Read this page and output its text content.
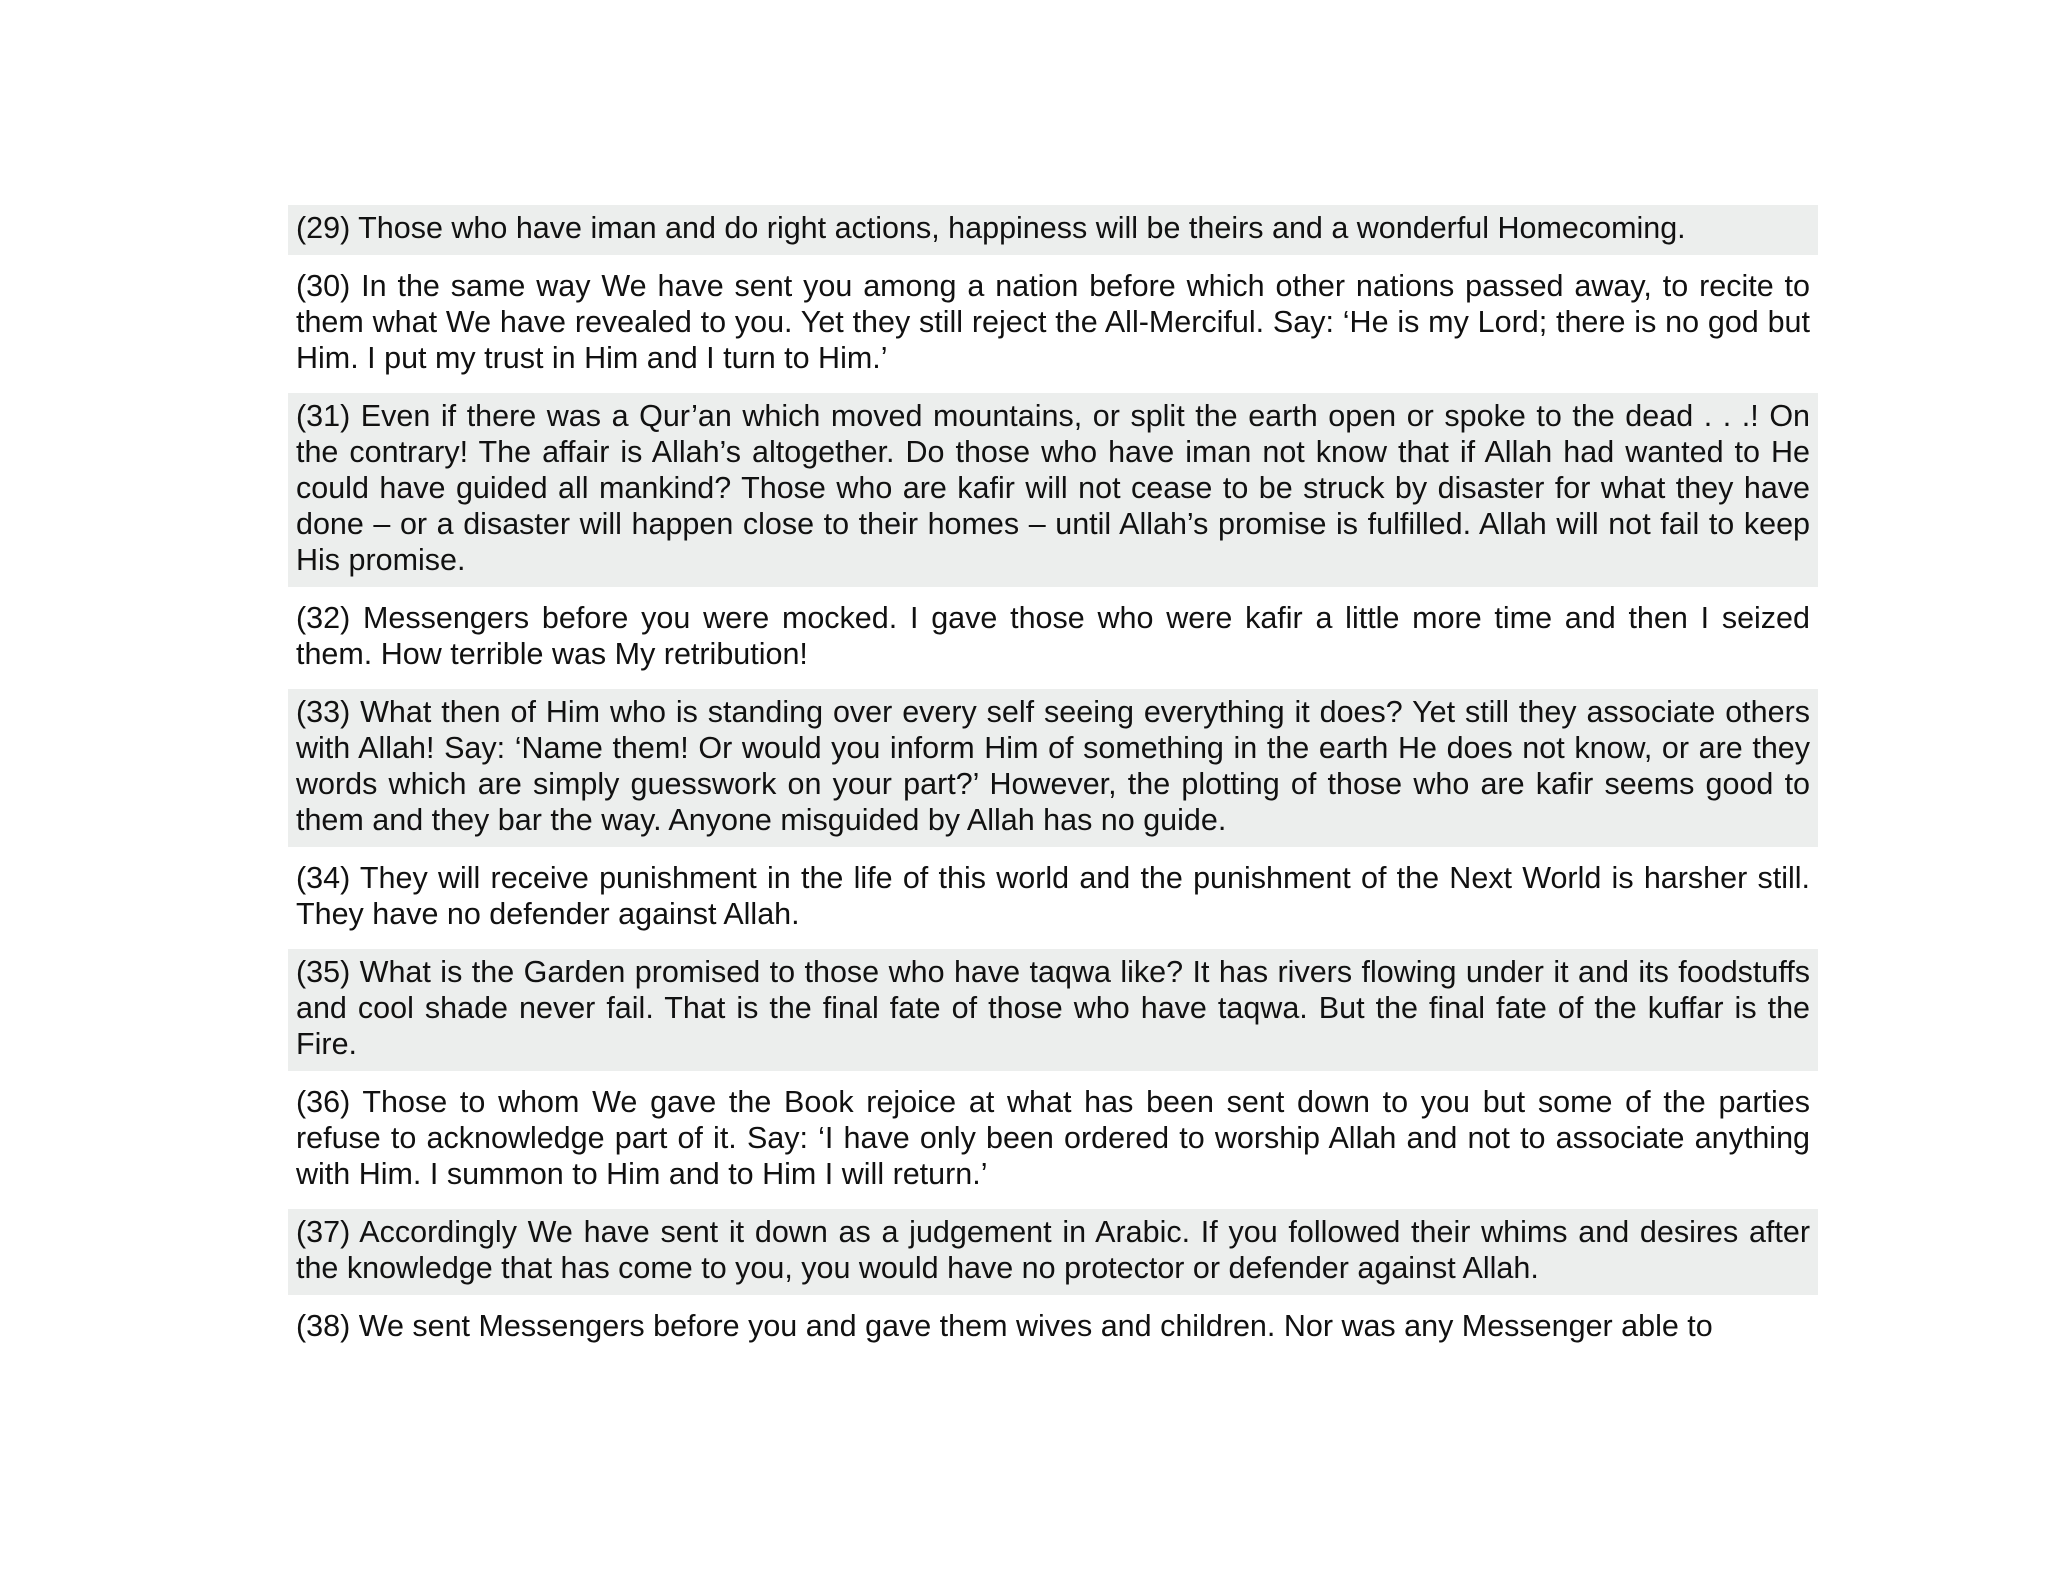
(29) Those who have iman and do right actions, happiness will be theirs and a wonderful Homecoming.
(30) In the same way We have sent you among a nation before which other nations passed away, to recite to them what We have revealed to you. Yet they still reject the All-Merciful. Say: ‘He is my Lord; there is no god but Him. I put my trust in Him and I turn to Him.’
(31) Even if there was a Qur’an which moved mountains, or split the earth open or spoke to the dead . . .! On the contrary! The affair is Allah’s altogether. Do those who have iman not know that if Allah had wanted to He could have guided all mankind? Those who are kafir will not cease to be struck by disaster for what they have done – or a disaster will happen close to their homes – until Allah’s promise is fulfilled. Allah will not fail to keep His promise.
(32) Messengers before you were mocked. I gave those who were kafir a little more time and then I seized them. How terrible was My retribution!
(33) What then of Him who is standing over every self seeing everything it does? Yet still they associate others with Allah! Say: ‘Name them! Or would you inform Him of something in the earth He does not know, or are they words which are simply guesswork on your part?’ However, the plotting of those who are kafir seems good to them and they bar the way. Anyone misguided by Allah has no guide.
(34) They will receive punishment in the life of this world and the punishment of the Next World is harsher still. They have no defender against Allah.
(35) What is the Garden promised to those who have taqwa like? It has rivers flowing under it and its foodstuffs and cool shade never fail. That is the final fate of those who have taqwa. But the final fate of the kuffar is the Fire.
(36) Those to whom We gave the Book rejoice at what has been sent down to you but some of the parties refuse to acknowledge part of it. Say: ‘I have only been ordered to worship Allah and not to associate anything with Him. I summon to Him and to Him I will return.’
(37) Accordingly We have sent it down as a judgement in Arabic. If you followed their whims and desires after the knowledge that has come to you, you would have no protector or defender against Allah.
(38) We sent Messengers before you and gave them wives and children. Nor was any Messenger able to
